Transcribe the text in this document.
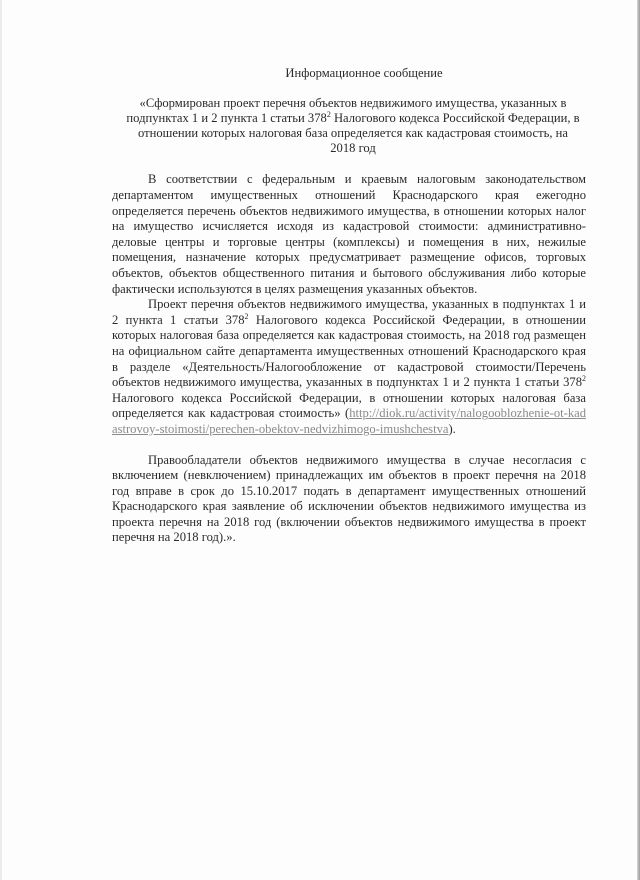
Информационное сообщение
«Сформирован проект перечня объектов недвижимого имущества, указанных в подпунктах 1 и 2 пункта 1 статьи $378^2$ Налогового кодекса Российской Федерации, в отношении которых налоговая база определяется как кадастровая стоимость, на 2018 год

В соответствии с федеральным и краевым налоговым законодательством департаментом имущественных отношений Краснодарского края ежегодно определяется перечень объектов недвижимого имущества, в отношении которых налог на имущество исчисляется исходя из кадастровой стоимости: административно-деловые центры и торговые центры (комплексы) и помещения в них, нежилые помещения, назначение которых предусматривает размещение офисов, торговых объектов, объектов общественного питания и бытового обслуживания либо которые фактически используются в целях размещения указанных объектов.

Проект перечня объектов недвижимого имущества, указанных в подпунктах 1 и 2 пункта 1 статьи $378^2$ Налогового кодекса Российской Федерации, в отношении которых налоговая база определяется как кадастровая стоимость, на 2018 год размещен на официальном сайте департамента имущественных отношений Краснодарского края в разделе «Деятельность/Налогообложение от кадастровой стоимости/Перечень объектов недвижимого имущества, указанных в подпунктах 1 и 2 пункта 1 статьи $378^2$ Налогового кодекса Российской Федерации, в отношении которых налоговая база определяется как кадастровая стоимость» (http://diok.ru/activity/nalogooblozhenie-ot-kadastrovoy-stoimosti/perechen-obektov-nedvizhimogo-imushchestva).

Правообладатели объектов недвижимого имущества в случае несогласия с включением (невключением) принадлежащих им объектов в проект перечня на 2018 год вправе в срок до 15.10.2017 подать в департамент имущественных отношений Краснодарского края заявление об исключении объектов недвижимого имущества из проекта перечня на 2018 год (включении объектов недвижимого имущества в проект перечня на 2018 год).».
